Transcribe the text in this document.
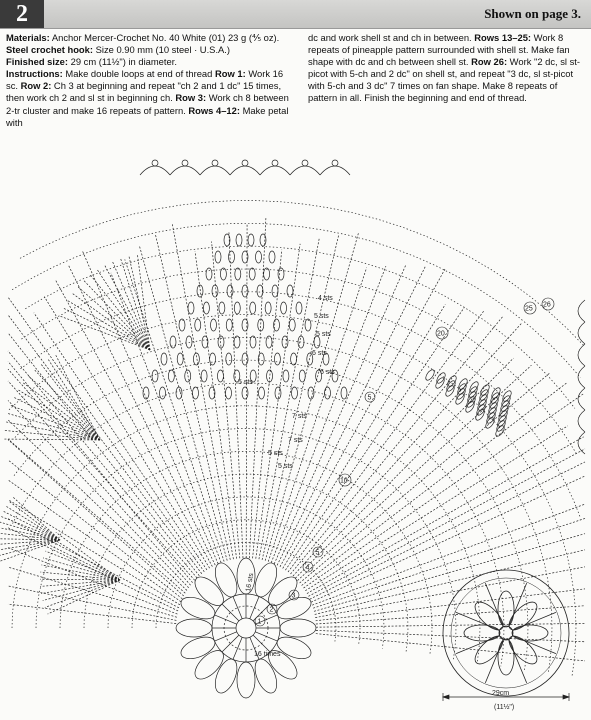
2	Shown on page 3.

Materials: Anchor Mercer-Crochet No. 40 White (01) 23 g (⅘ oz).

Steel crochet hook: Size 0.90 mm (10 steel · U.S.A.)

Finished size: 29 cm (11½") in diameter.

Instructions: Make double loops at end of thread Row 1: Work 16 sc. Row 2: Ch 3 at beginning and repeat "ch 2 and 1 dc" 15 times, then work ch 2 and sl st in beginning ch. Row 3: Work ch 8 between 2-tr cluster and make 16 repeats of pattern. Rows 4–12: Make petal with

dc and work shell st and ch in between. Rows 13–25: Work 8 repeats of pineapple pattern surrounded with shell st. Make fan shape with dc and ch between shell st. Row 26: Work "2 dc, sl st-picot with 5-ch and 2 dc" on shell st, and repeat "3 dc, sl st-picot with 5-ch and 3 dc" 7 times on fan shape. Make 8 repeats of pattern in all. Finish the beginning and end of thread.

4 sts
5 sts
5 sts
6 sts
6 sts
5 sts
7 sts
7 sts
5 sts
5 sts
16 sts
16 times
1
2
3
4
5
10
5
20
25
26
29cm
(11½")
